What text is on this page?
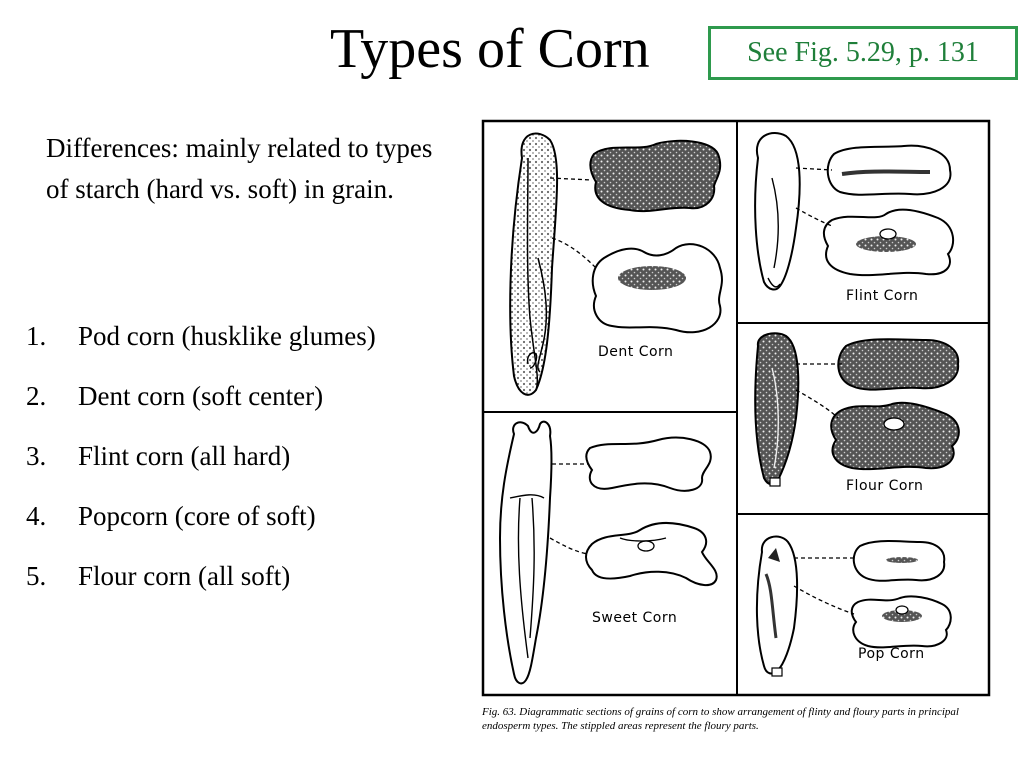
Types of Corn	See Fig. 5.29, p. 131
Differences: mainly related to types of starch (hard vs. soft) in grain.
1.	Pod corn (husklike glumes)
2.	Dent corn (soft center)
3.	Flint corn (all hard)
4.	Popcorn (core of soft)
5.	Flour corn (all soft)
Dent Corn
Flint Corn
Flour Corn
Sweet Corn
Pop Corn
Fig. 63. Diagrammatic sections of grains of corn to show arrangement of flinty and floury parts in principal endosperm types. The stippled areas represent the floury parts.
